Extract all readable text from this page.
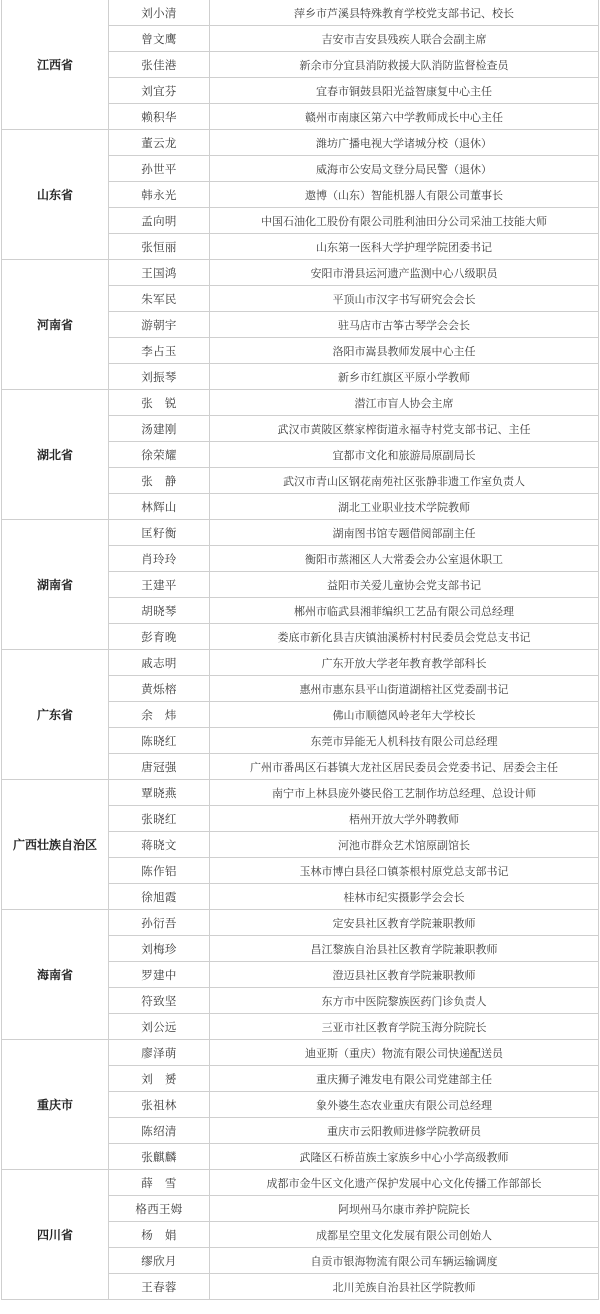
江西省	刘小清	萍乡市芦溪县特殊教育学校党支部书记、校长
	曾文鹰	吉安市吉安县残疾人联合会副主席
	张佳港	新余市分宜县消防救援大队消防监督检查员
	刘宜芬	宜春市铜鼓县阳光益智康复中心主任
	赖积华	赣州市南康区第六中学教师成长中心主任
山东省	董云龙	潍坊广播电视大学诸城分校（退休）
	孙世平	威海市公安局文登分局民警（退休）
	韩永光	遨博（山东）智能机器人有限公司董事长
	孟向明	中国石油化工股份有限公司胜利油田分公司采油工技能大师
	张恒丽	山东第一医科大学护理学院团委书记
河南省	王国鸿	安阳市滑县运河遗产监测中心八级职员
	朱军民	平顶山市汉字书写研究会会长
	游朝宇	驻马店市古筝古琴学会会长
	李占玉	洛阳市嵩县教师发展中心主任
	刘振琴	新乡市红旗区平原小学教师
湖北省	张　锐	潜江市盲人协会主席
	汤建刚	武汉市黄陂区蔡家榨街道永福寺村党支部书记、主任
	徐荣耀	宜都市文化和旅游局原副局长
	张　静	武汉市青山区钢花南苑社区张静非遗工作室负责人
	林辉山	湖北工业职业技术学院教师
湖南省	匡籽衡	湖南图书馆专题借阅部副主任
	肖玲玲	衡阳市蒸湘区人大常委会办公室退休职工
	王建平	益阳市关爱儿童协会党支部书记
	胡晓琴	郴州市临武县湘菲编织工艺品有限公司总经理
	彭育晚	娄底市新化县吉庆镇油溪桥村村民委员会党总支书记
广东省	戚志明	广东开放大学老年教育教学部科长
	黄烁榕	惠州市惠东县平山街道湖榕社区党委副书记
	余　炜	佛山市顺德风岭老年大学校长
	陈晓红	东莞市异能无人机科技有限公司总经理
	唐冠强	广州市番禺区石碁镇大龙社区居民委员会党委书记、居委会主任
广西壮族自治区	覃晓燕	南宁市上林县庞外婆民俗工艺制作坊总经理、总设计师
	张晓红	梧州开放大学外聘教师
	蒋晓文	河池市群众艺术馆原副馆长
	陈作铝	玉林市博白县径口镇茶根村原党总支部书记
	徐旭霞	桂林市纪实摄影学会会长
海南省	孙衍吾	定安县社区教育学院兼职教师
	刘梅珍	昌江黎族自治县社区教育学院兼职教师
	罗建中	澄迈县社区教育学院兼职教师
	符致坚	东方市中医院黎族医药门诊负责人
	刘公远	三亚市社区教育学院玉海分院院长
重庆市	廖泽萌	迪亚斯（重庆）物流有限公司快递配送员
	刘　赟	重庆狮子滩发电有限公司党建部主任
	张祖林	象外婆生态农业重庆有限公司总经理
	陈绍清	重庆市云阳教师进修学院教研员
	张麒麟	武隆区石桥苗族土家族乡中心小学高级教师
四川省	薛　雪	成都市金牛区文化遗产保护发展中心文化传播工作部部长
	格西王姆	阿坝州马尔康市养护院院长
	杨　娟	成都星空里文化发展有限公司创始人
	缪欣月	自贡市银海物流有限公司车辆运输调度
	王春蓉	北川羌族自治县社区学院教师
